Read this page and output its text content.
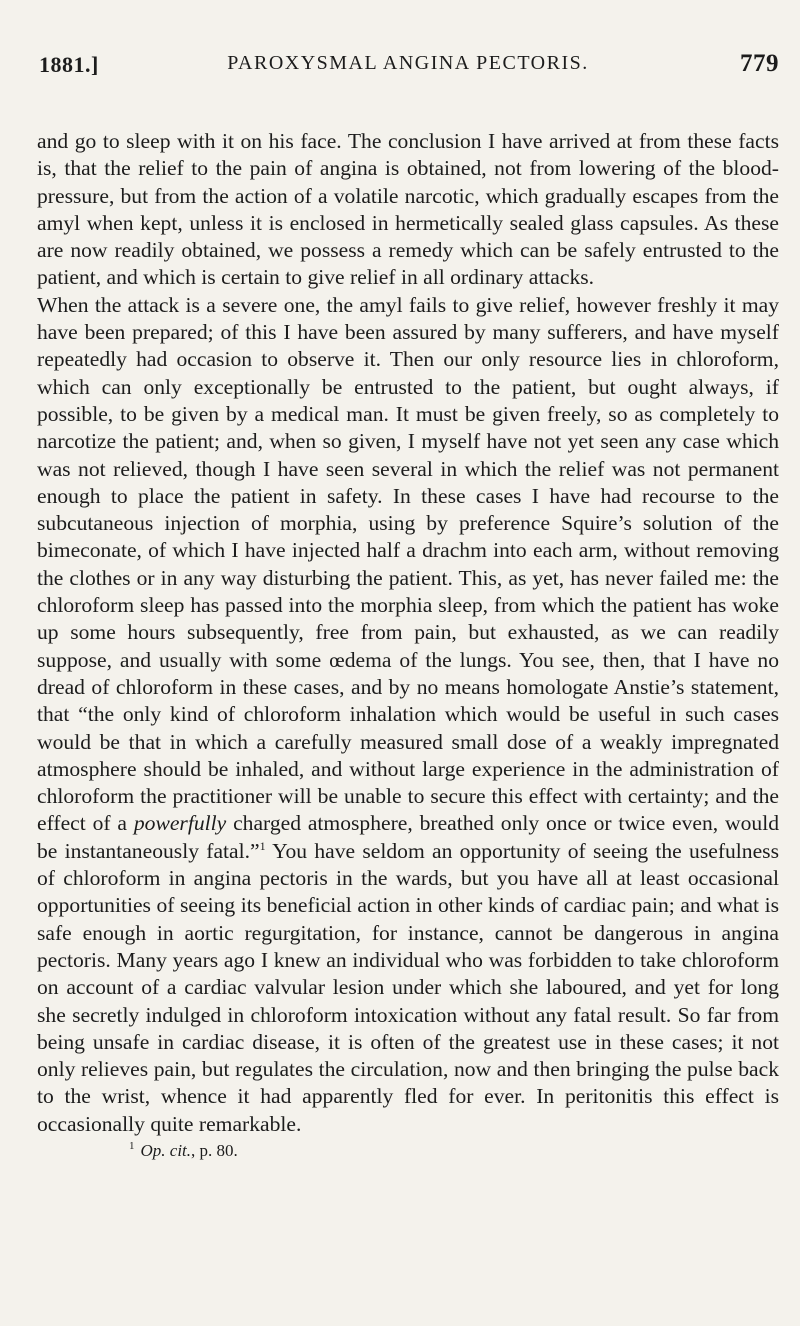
1881.]	PAROXYSMAL ANGINA PECTORIS.	779

and go to sleep with it on his face. The conclusion I have arrived at from these facts is, that the relief to the pain of angina is obtained, not from lowering of the blood-pressure, but from the action of a volatile narcotic, which gradually escapes from the amyl when kept, unless it is enclosed in hermetically sealed glass capsules. As these are now readily obtained, we possess a remedy which can be safely entrusted to the patient, and which is certain to give relief in all ordinary attacks.

When the attack is a severe one, the amyl fails to give relief, however freshly it may have been prepared; of this I have been assured by many sufferers, and have myself repeatedly had occasion to observe it. Then our only resource lies in chloroform, which can only exceptionally be entrusted to the patient, but ought always, if possible, to be given by a medical man. It must be given freely, so as completely to narcotize the patient; and, when so given, I myself have not yet seen any case which was not relieved, though I have seen several in which the relief was not permanent enough to place the patient in safety. In these cases I have had recourse to the subcutaneous injection of morphia, using by preference Squire’s solution of the bimeconate, of which I have injected half a drachm into each arm, without removing the clothes or in any way disturbing the patient. This, as yet, has never failed me: the chloroform sleep has passed into the morphia sleep, from which the patient has woke up some hours subsequently, free from pain, but exhausted, as we can readily suppose, and usually with some œdema of the lungs. You see, then, that I have no dread of chloroform in these cases, and by no means homologate Anstie’s statement, that “the only kind of chloroform inhalation which would be useful in such cases would be that in which a carefully measured small dose of a weakly impregnated atmosphere should be inhaled, and without large experience in the administration of chloroform the practitioner will be unable to secure this effect with certainty; and the effect of a powerfully charged atmosphere, breathed only once or twice even, would be instantaneously fatal.”$^1$ You have seldom an opportunity of seeing the usefulness of chloroform in angina pectoris in the wards, but you have all at least occasional opportunities of seeing its beneficial action in other kinds of cardiac pain; and what is safe enough in aortic regurgitation, for instance, cannot be dangerous in angina pectoris. Many years ago I knew an individual who was forbidden to take chloroform on account of a cardiac valvular lesion under which she laboured, and yet for long she secretly indulged in chloroform intoxication without any fatal result. So far from being unsafe in cardiac disease, it is often of the greatest use in these cases; it not only relieves pain, but regulates the circulation, now and then bringing the pulse back to the wrist, whence it had apparently fled for ever. In peritonitis this effect is occasionally quite remarkable.

$^1$ Op. cit., p. 80.
